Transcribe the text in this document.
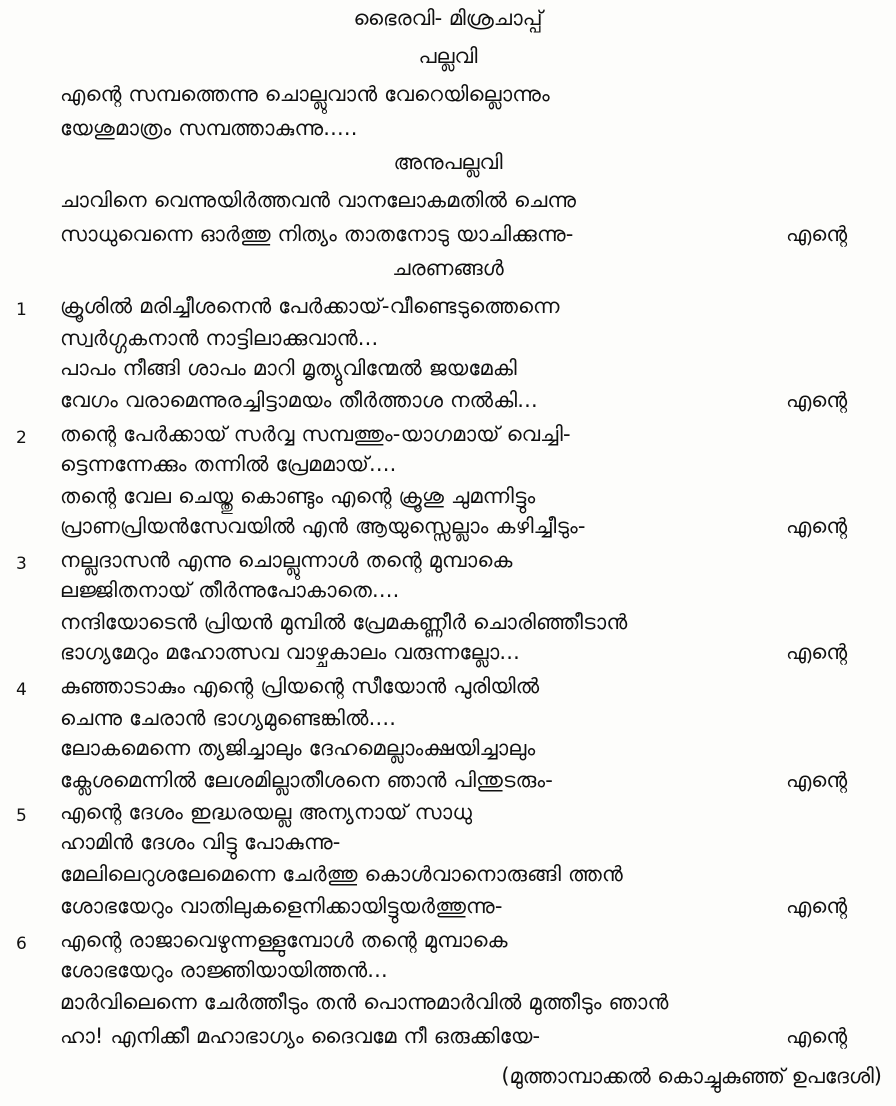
ഭൈരവി- മിശ്രചാപ്പ്
പല്ലവി
എന്റെ സമ്പത്തെന്നു ചൊല്ലുവാൻ വേറെയില്ലൊന്നും
യേശുമാത്രം സമ്പത്താകുന്നു.....
അനുപല്ലവി
ചാവിനെ വെന്നുയിർത്തവൻ വാനലോകമതിൽ ചെന്നു
സാധുവെന്നെ ഓർത്തു നിത്യം താതനോടു യാചിക്കുന്നു-	എന്റെ
ചരണങ്ങൾ
1 ക്രൂശിൽ മരിച്ചീശനെൻ പേർക്കായ്-വീണ്ടെടുത്തെന്നെ
സ്വർഗ്ഗകനാൻ നാട്ടിലാക്കുവാൻ...
പാപം നീങ്ങി ശാപം മാറി മൃത്യുവിന്മേൽ ജയമേകി
വേഗം വരാമെന്നുരച്ചിട്ടാമയം തീർത്താശ നൽകി...	എന്റെ
2 തന്റെ പേർക്കായ് സർവ്വ സമ്പത്തും-യാഗമായ് വെച്ചി-
ട്ടെന്നന്നേക്കും തന്നിൽ പ്രേമമായ്....
തന്റെ വേല ചെയ്തു കൊണ്ടും എന്റെ ക്രൂശു ചുമന്നിട്ടും
പ്രാണപ്രിയൻസേവയിൽ എൻ ആയുസ്സെല്ലാം കഴിച്ചീടും-	എന്റെ
3 നല്ലദാസൻ എന്നു ചൊല്ലുന്നാൾ തന്റെ മുമ്പാകെ
ലജ്ജിതനായ് തീർന്നുപോകാതെ....
നന്ദിയോടെൻ പ്രിയൻ മുമ്പിൽ പ്രേമകണ്ണീർ ചൊരിഞ്ഞീടാൻ
ഭാഗ്യമേറും മഹോത്സവ വാഴ്ചകാലം വരുന്നല്ലോ...	എന്റെ
4 കുഞ്ഞാടാകും എന്റെ പ്രിയന്റെ സീയോൻ പുരിയിൽ
ചെന്നു ചേരാൻ ഭാഗ്യമുണ്ടെങ്കിൽ....
ലോകമെന്നെ ത്യജിച്ചാലും ദേഹമെല്ലാംക്ഷയിച്ചാലും
ക്ലേശമെന്നിൽ ലേശമില്ലാതീശനെ ഞാൻ പിന്തുടരും-	എന്റെ
5 എന്റെ ദേശം ഇദ്ധരയല്ല അന്യനായ് സാധു
ഹാമിൻ ദേശം വിട്ടു പോകുന്നു-
മേലിലെറുശലേമെന്നെ ചേർത്തു കൊൾവാനൊരുങ്ങി ത്തൻ
ശോഭയേറും വാതിലുകളെനിക്കായിട്ടുയർത്തുന്നു-	എന്റെ
6 എന്റെ രാജാവെഴുന്നള്ളുമ്പോൾ തന്റെ മുമ്പാകെ
ശോഭയേറും രാജ്ഞിയായിത്തൻ...
മാർവിലെന്നെ ചേർത്തീടും തൻ പൊന്നുമാർവിൽ മുത്തീടും ഞാൻ
ഹാ! എനിക്കീ മഹാഭാഗ്യം ദൈവമേ നീ ഒരുക്കിയേ-	എന്റെ
(മുത്താമ്പാക്കൽ കൊച്ചുകുഞ്ഞ് ഉപദേശി)
